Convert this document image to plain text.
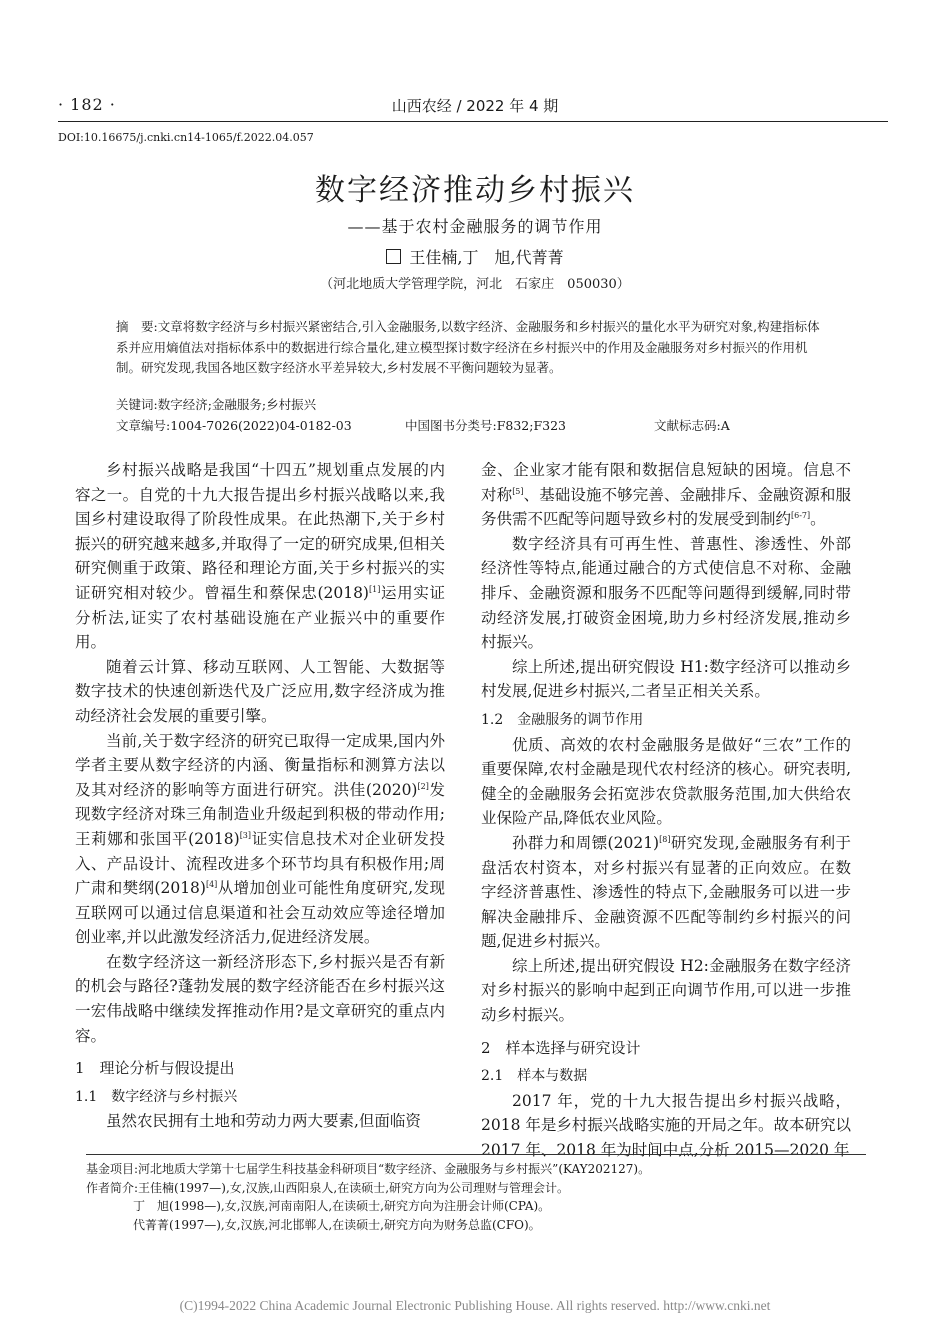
· 182 ·	山西农经 / 2022 年 4 期
DOI:10.16675/j.cnki.cn14-1065/f.2022.04.057
数字经济推动乡村振兴
——基于农村金融服务的调节作用
王佳楠,丁　旭,代菁菁
（河北地质大学管理学院，河北　石家庄　050030）
摘　要:文章将数字经济与乡村振兴紧密结合,引入金融服务,以数字经济、金融服务和乡村振兴的量化水平为研究对象,构建指标体系并应用熵值法对指标体系中的数据进行综合量化,建立模型探讨数字经济在乡村振兴中的作用及金融服务对乡村振兴的作用机制。研究发现,我国各地区数字经济水平差异较大,乡村发展不平衡问题较为显著。
关键词:数字经济;金融服务;乡村振兴
文章编号:1004-7026(2022)04-0182-03	中国图书分类号:F832;F323	文献标志码:A

乡村振兴战略是我国“十四五”规划重点发展的内容之一。自党的十九大报告提出乡村振兴战略以来,我国乡村建设取得了阶段性成果。在此热潮下,关于乡村振兴的研究越来越多,并取得了一定的研究成果,但相关研究侧重于政策、路径和理论方面,关于乡村振兴的实证研究相对较少。曾福生和蔡保忠(2018)[1]运用实证分析法,证实了农村基础设施在产业振兴中的重要作用。

随着云计算、移动互联网、人工智能、大数据等数字技术的快速创新迭代及广泛应用,数字经济成为推动经济社会发展的重要引擎。

当前,关于数字经济的研究已取得一定成果,国内外学者主要从数字经济的内涵、衡量指标和测算方法以及其对经济的影响等方面进行研究。洪佳(2020)[2]发现数字经济对珠三角制造业升级起到积极的带动作用;王莉娜和张国平(2018)[3]证实信息技术对企业研发投入、产品设计、流程改进多个环节均具有积极作用;周广肃和樊纲(2018)[4]从增加创业可能性角度研究,发现互联网可以通过信息渠道和社会互动效应等途径增加创业率,并以此激发经济活力,促进经济发展。

在数字经济这一新经济形态下,乡村振兴是否有新的机会与路径?蓬勃发展的数字经济能否在乡村振兴这一宏伟战略中继续发挥推动作用?是文章研究的重点内容。

1　理论分析与假设提出

1.1　数字经济与乡村振兴

虽然农民拥有土地和劳动力两大要素,但面临资

金、企业家才能有限和数据信息短缺的困境。信息不对称[5]、基础设施不够完善、金融排斥、金融资源和服务供需不匹配等问题导致乡村的发展受到制约[6-7]。

数字经济具有可再生性、普惠性、渗透性、外部经济性等特点,能通过融合的方式使信息不对称、金融排斥、金融资源和服务不匹配等问题得到缓解,同时带动经济发展,打破资金困境,助力乡村经济发展,推动乡村振兴。

综上所述,提出研究假设 H1:数字经济可以推动乡村发展,促进乡村振兴,二者呈正相关关系。

1.2　金融服务的调节作用

优质、高效的农村金融服务是做好“三农”工作的重要保障,农村金融是现代农村经济的核心。研究表明,健全的金融服务会拓宽涉农贷款服务范围,加大供给农业保险产品,降低农业风险。

孙群力和周镖(2021)[8]研究发现,金融服务有利于盘活农村资本，对乡村振兴有显著的正向效应。在数字经济普惠性、渗透性的特点下,金融服务可以进一步解决金融排斥、金融资源不匹配等制约乡村振兴的问题,促进乡村振兴。

综上所述,提出研究假设 H2:金融服务在数字经济对乡村振兴的影响中起到正向调节作用,可以进一步推动乡村振兴。

2　样本选择与研究设计

2.1　样本与数据

2017 年，党的十九大报告提出乡村振兴战略，2018 年是乡村振兴战略实施的开局之年。故本研究以 2017 年、2018 年为时间中点,分析 2015—2020 年

基金项目:河北地质大学第十七届学生科技基金科研项目“数字经济、金融服务与乡村振兴”(KAY202127)。
作者简介:王佳楠(1997—),女,汉族,山西阳泉人,在读硕士,研究方向为公司理财与管理会计。
丁　旭(1998—),女,汉族,河南南阳人,在读硕士,研究方向为注册会计师(CPA)。
代菁菁(1997—),女,汉族,河北邯郸人,在读硕士,研究方向为财务总监(CFO)。
(C)1994-2022 China Academic Journal Electronic Publishing House. All rights reserved. http://www.cnki.net
